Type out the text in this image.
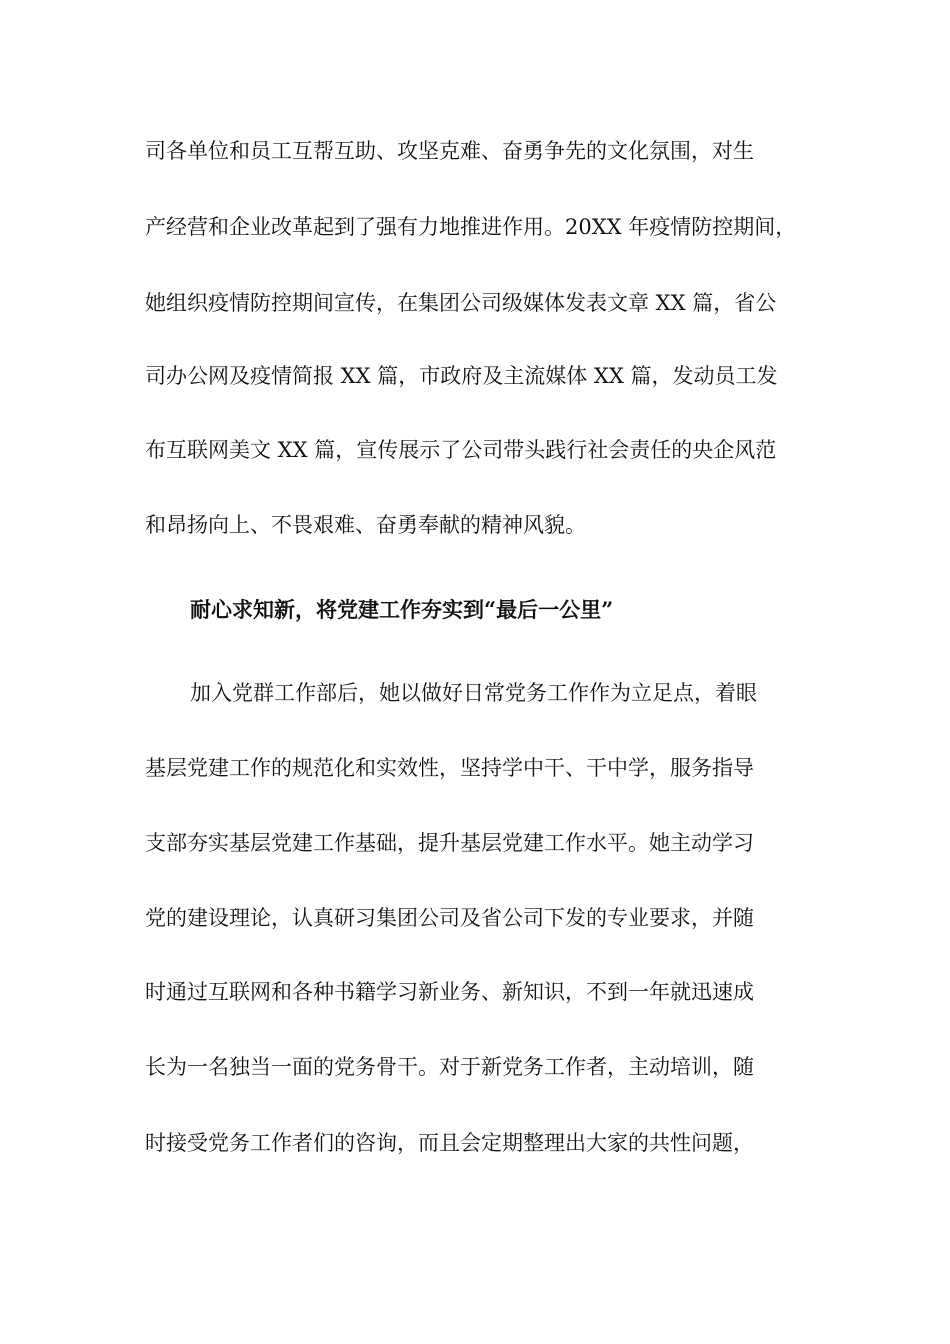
司各单位和员工互帮互助、攻坚克难、奋勇争先的文化氛围，对生
产经营和企业改革起到了强有力地推进作用。20XX 年疫情防控期间，
她组织疫情防控期间宣传，在集团公司级媒体发表文章 XX 篇，省公
司办公网及疫情简报 XX 篇，市政府及主流媒体 XX 篇，发动员工发
布互联网美文 XX 篇，宣传展示了公司带头践行社会责任的央企风范
和昂扬向上、不畏艰难、奋勇奉献的精神风貌。
耐心求知新，将党建工作夯实到“最后一公里”
加入党群工作部后，她以做好日常党务工作作为立足点，着眼
基层党建工作的规范化和实效性，坚持学中干、干中学，服务指导
支部夯实基层党建工作基础，提升基层党建工作水平。她主动学习
党的建设理论，认真研习集团公司及省公司下发的专业要求，并随
时通过互联网和各种书籍学习新业务、新知识，不到一年就迅速成
长为一名独当一面的党务骨干。对于新党务工作者，主动培训，随
时接受党务工作者们的咨询，而且会定期整理出大家的共性问题，
